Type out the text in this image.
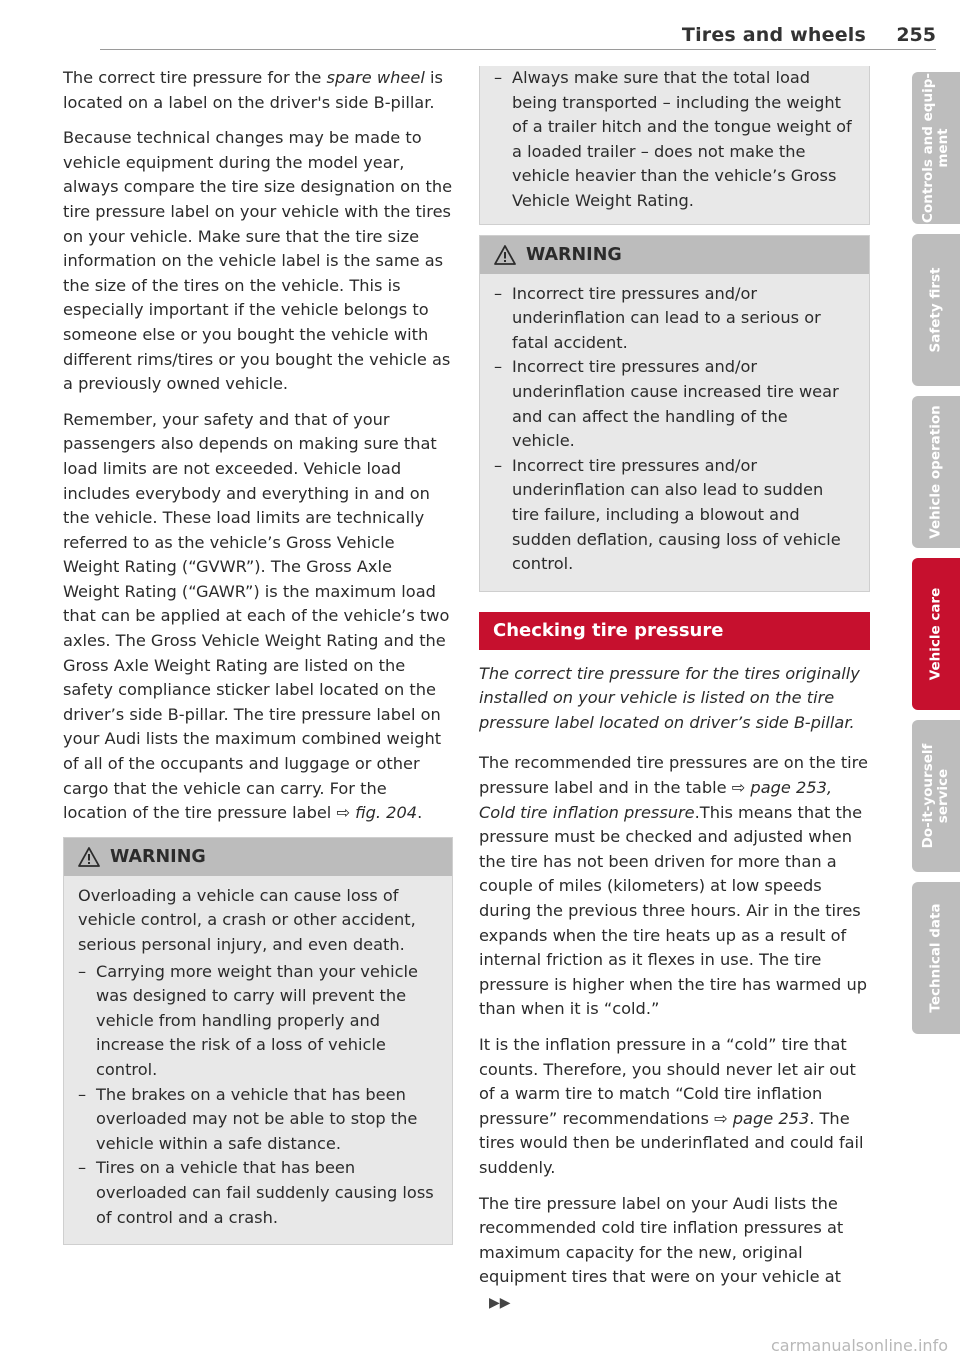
Tires and wheels 255

The correct tire pressure for the spare wheel is located on a label on the driver's side B-pillar.

Because technical changes may be made to vehicle equipment during the model year, always compare the tire size designation on the tire pressure label on your vehicle with the tires on your vehicle. Make sure that the tire size information on the vehicle label is the same as the size of the tires on the vehicle. This is especially important if the vehicle belongs to someone else or you bought the vehicle with different rims/tires or you bought the vehicle as a previously owned vehicle.

Remember, your safety and that of your passengers also depends on making sure that load limits are not exceeded. Vehicle load includes everybody and everything in and on the vehicle. These load limits are technically referred to as the vehicle’s Gross Vehicle Weight Rating (“GVWR”). The Gross Axle Weight Rating (“GAWR”) is the maximum load that can be applied at each of the vehicle’s two axles. The Gross Vehicle Weight Rating and the Gross Axle Weight Rating are listed on the safety compliance sticker label located on the driver’s side B-pillar. The tire pressure label on your Audi lists the maximum combined weight of all of the occupants and luggage or other cargo that the vehicle can carry. For the location of the tire pressure label ⇨ fig. 204.

WARNING

Overloading a vehicle can cause loss of vehicle control, a crash or other accident, serious personal injury, and even death.

– Carrying more weight than your vehicle was designed to carry will prevent the vehicle from handling properly and increase the risk of a loss of vehicle control.
– The brakes on a vehicle that has been overloaded may not be able to stop the vehicle within a safe distance.
– Tires on a vehicle that has been overloaded can fail suddenly causing loss of control and a crash.
– Always make sure that the total load being transported – including the weight of a trailer hitch and the tongue weight of a loaded trailer – does not make the vehicle heavier than the vehicle’s Gross Vehicle Weight Rating.
WARNING
– Incorrect tire pressures and/or underinflation can lead to a serious or fatal accident.
– Incorrect tire pressures and/or underinflation cause increased tire wear and can affect the handling of the vehicle.
– Incorrect tire pressures and/or underinflation can also lead to sudden tire failure, including a blowout and sudden deflation, causing loss of vehicle control.
Checking tire pressure

The correct tire pressure for the tires originally installed on your vehicle is listed on the tire pressure label located on driver’s side B-pillar.

The recommended tire pressures are on the tire pressure label and in the table ⇨ page 253, Cold tire inflation pressure.This means that the pressure must be checked and adjusted when the tire has not been driven for more than a couple of miles (kilometers) at low speeds during the previous three hours. Air in the tires expands when the tire heats up as a result of internal friction as it flexes in use. The tire pressure is higher when the tire has warmed up than when it is “cold.”

It is the inflation pressure in a “cold” tire that counts. Therefore, you should never let air out of a warm tire to match “Cold tire inflation pressure” recommendations ⇨ page 253. The tires would then be underinflated and could fail suddenly.

The tire pressure label on your Audi lists the recommended cold tire inflation pressures at maximum capacity for the new, original equipment tires that were on your vehicle at▶▶

Controls and equip-
ment
Safety first
Vehicle operation
Vehicle care
Do-it-yourself
service
Technical data
carmanualsonline.info
